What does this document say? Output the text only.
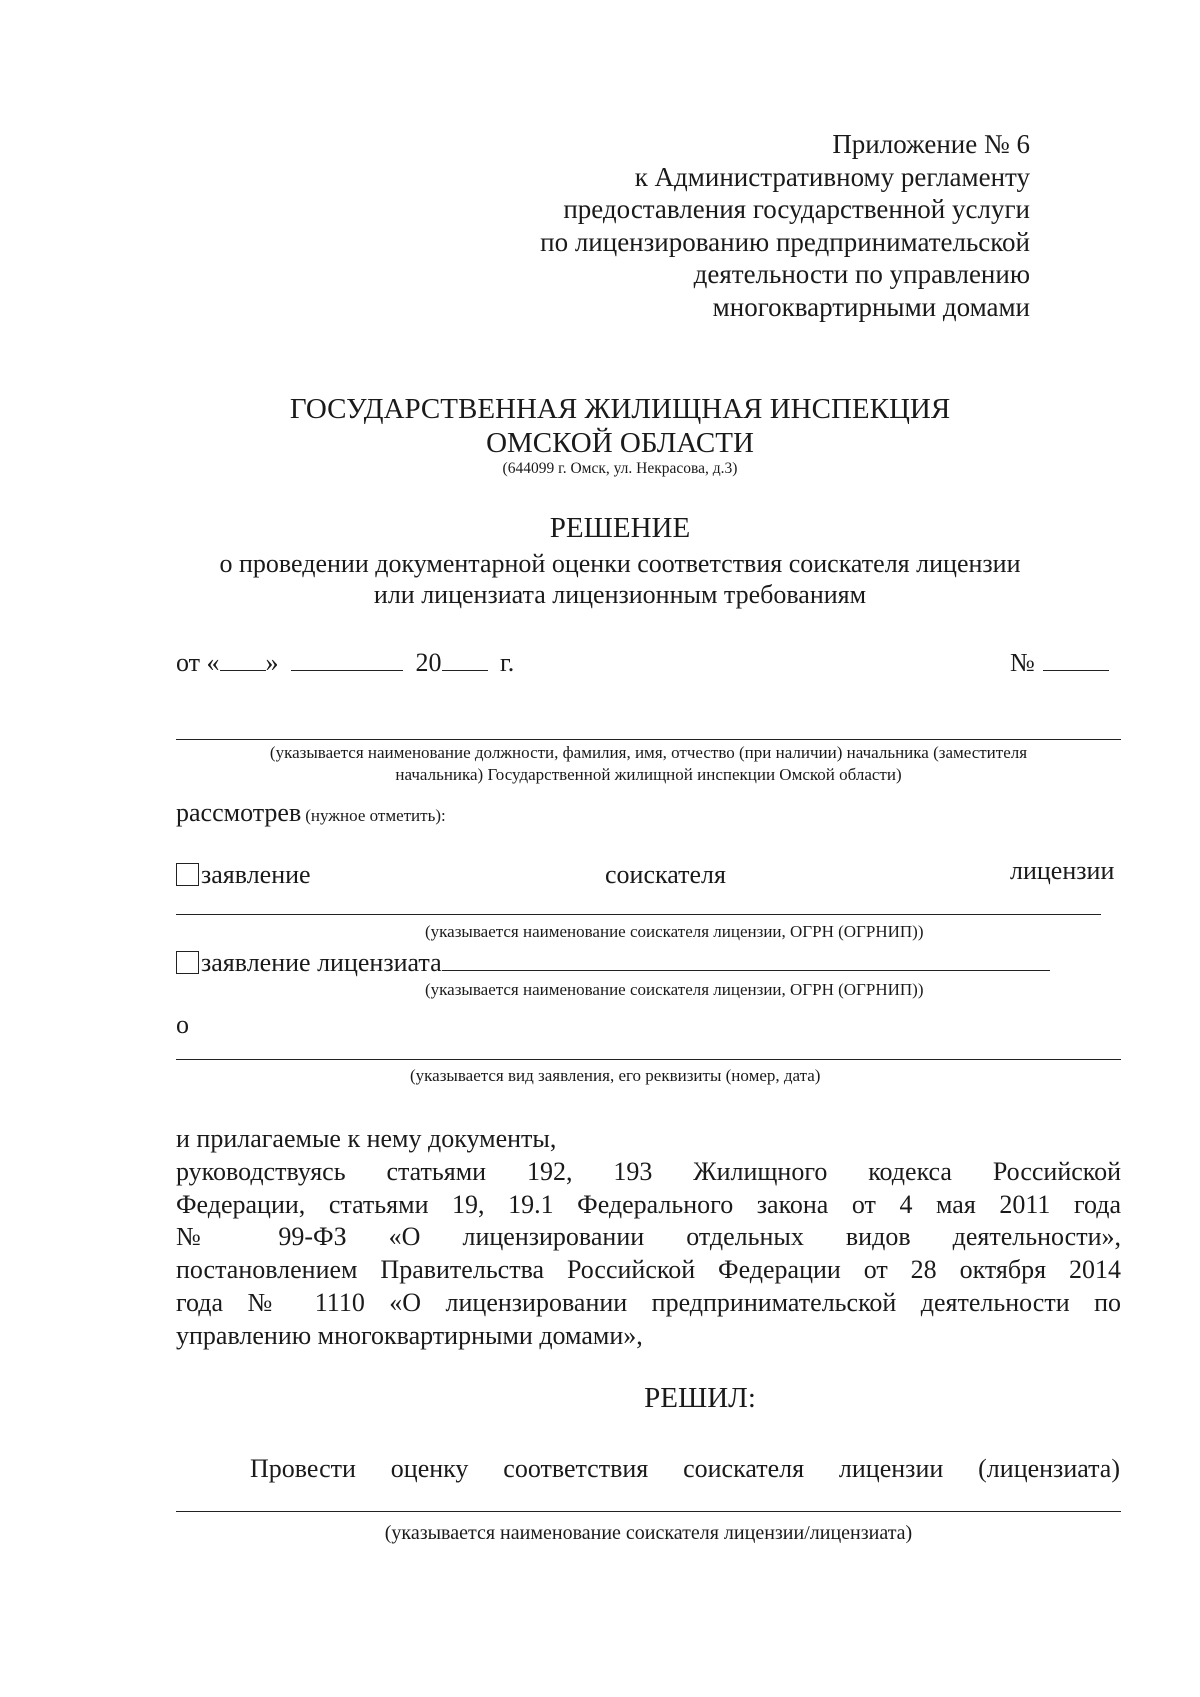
Приложение № 6
к Административному регламенту
предоставления государственной услуги
по лицензированию предпринимательской
деятельности по управлению
многоквартирными домами
ГОСУДАРСТВЕННАЯ ЖИЛИЩНАЯ ИНСПЕКЦИЯ
ОМСКОЙ ОБЛАСТИ
(644099 г. Омск, ул. Некрасова, д.3)
РЕШЕНИЕ
о проведении документарной оценки соответствия соискателя лицензии
или лицензиата лицензионным требованиям
от « »	20 г.	№
(указывается наименование должности, фамилия, имя, отчество (при наличии) начальника (заместителя
начальника) Государственной жилищной инспекции Омской области)
рассмотрев (нужное отметить):
заявление	соискателя	лицензии
(указывается наименование соискателя лицензии, ОГРН (ОГРНИП))
заявление лицензиата
(указывается наименование соискателя лицензии, ОГРН (ОГРНИП))
о
(указывается вид заявления, его реквизиты (номер, дата)
и прилагаемые к нему документы,
руководствуясь статьями 192, 193 Жилищного кодекса Российской
Федерации, статьями 19, 19.1 Федерального закона от 4 мая 2011 года
№ 99-ФЗ «О лицензировании отдельных видов деятельности»,
постановлением Правительства Российской Федерации от 28 октября 2014
года № 1110 «О лицензировании предпринимательской деятельности по
управлению многоквартирными домами»,
РЕШИЛ:
Провести оценку соответствия соискателя лицензии (лицензиата)
(указывается наименование соискателя лицензии/лицензиата)
